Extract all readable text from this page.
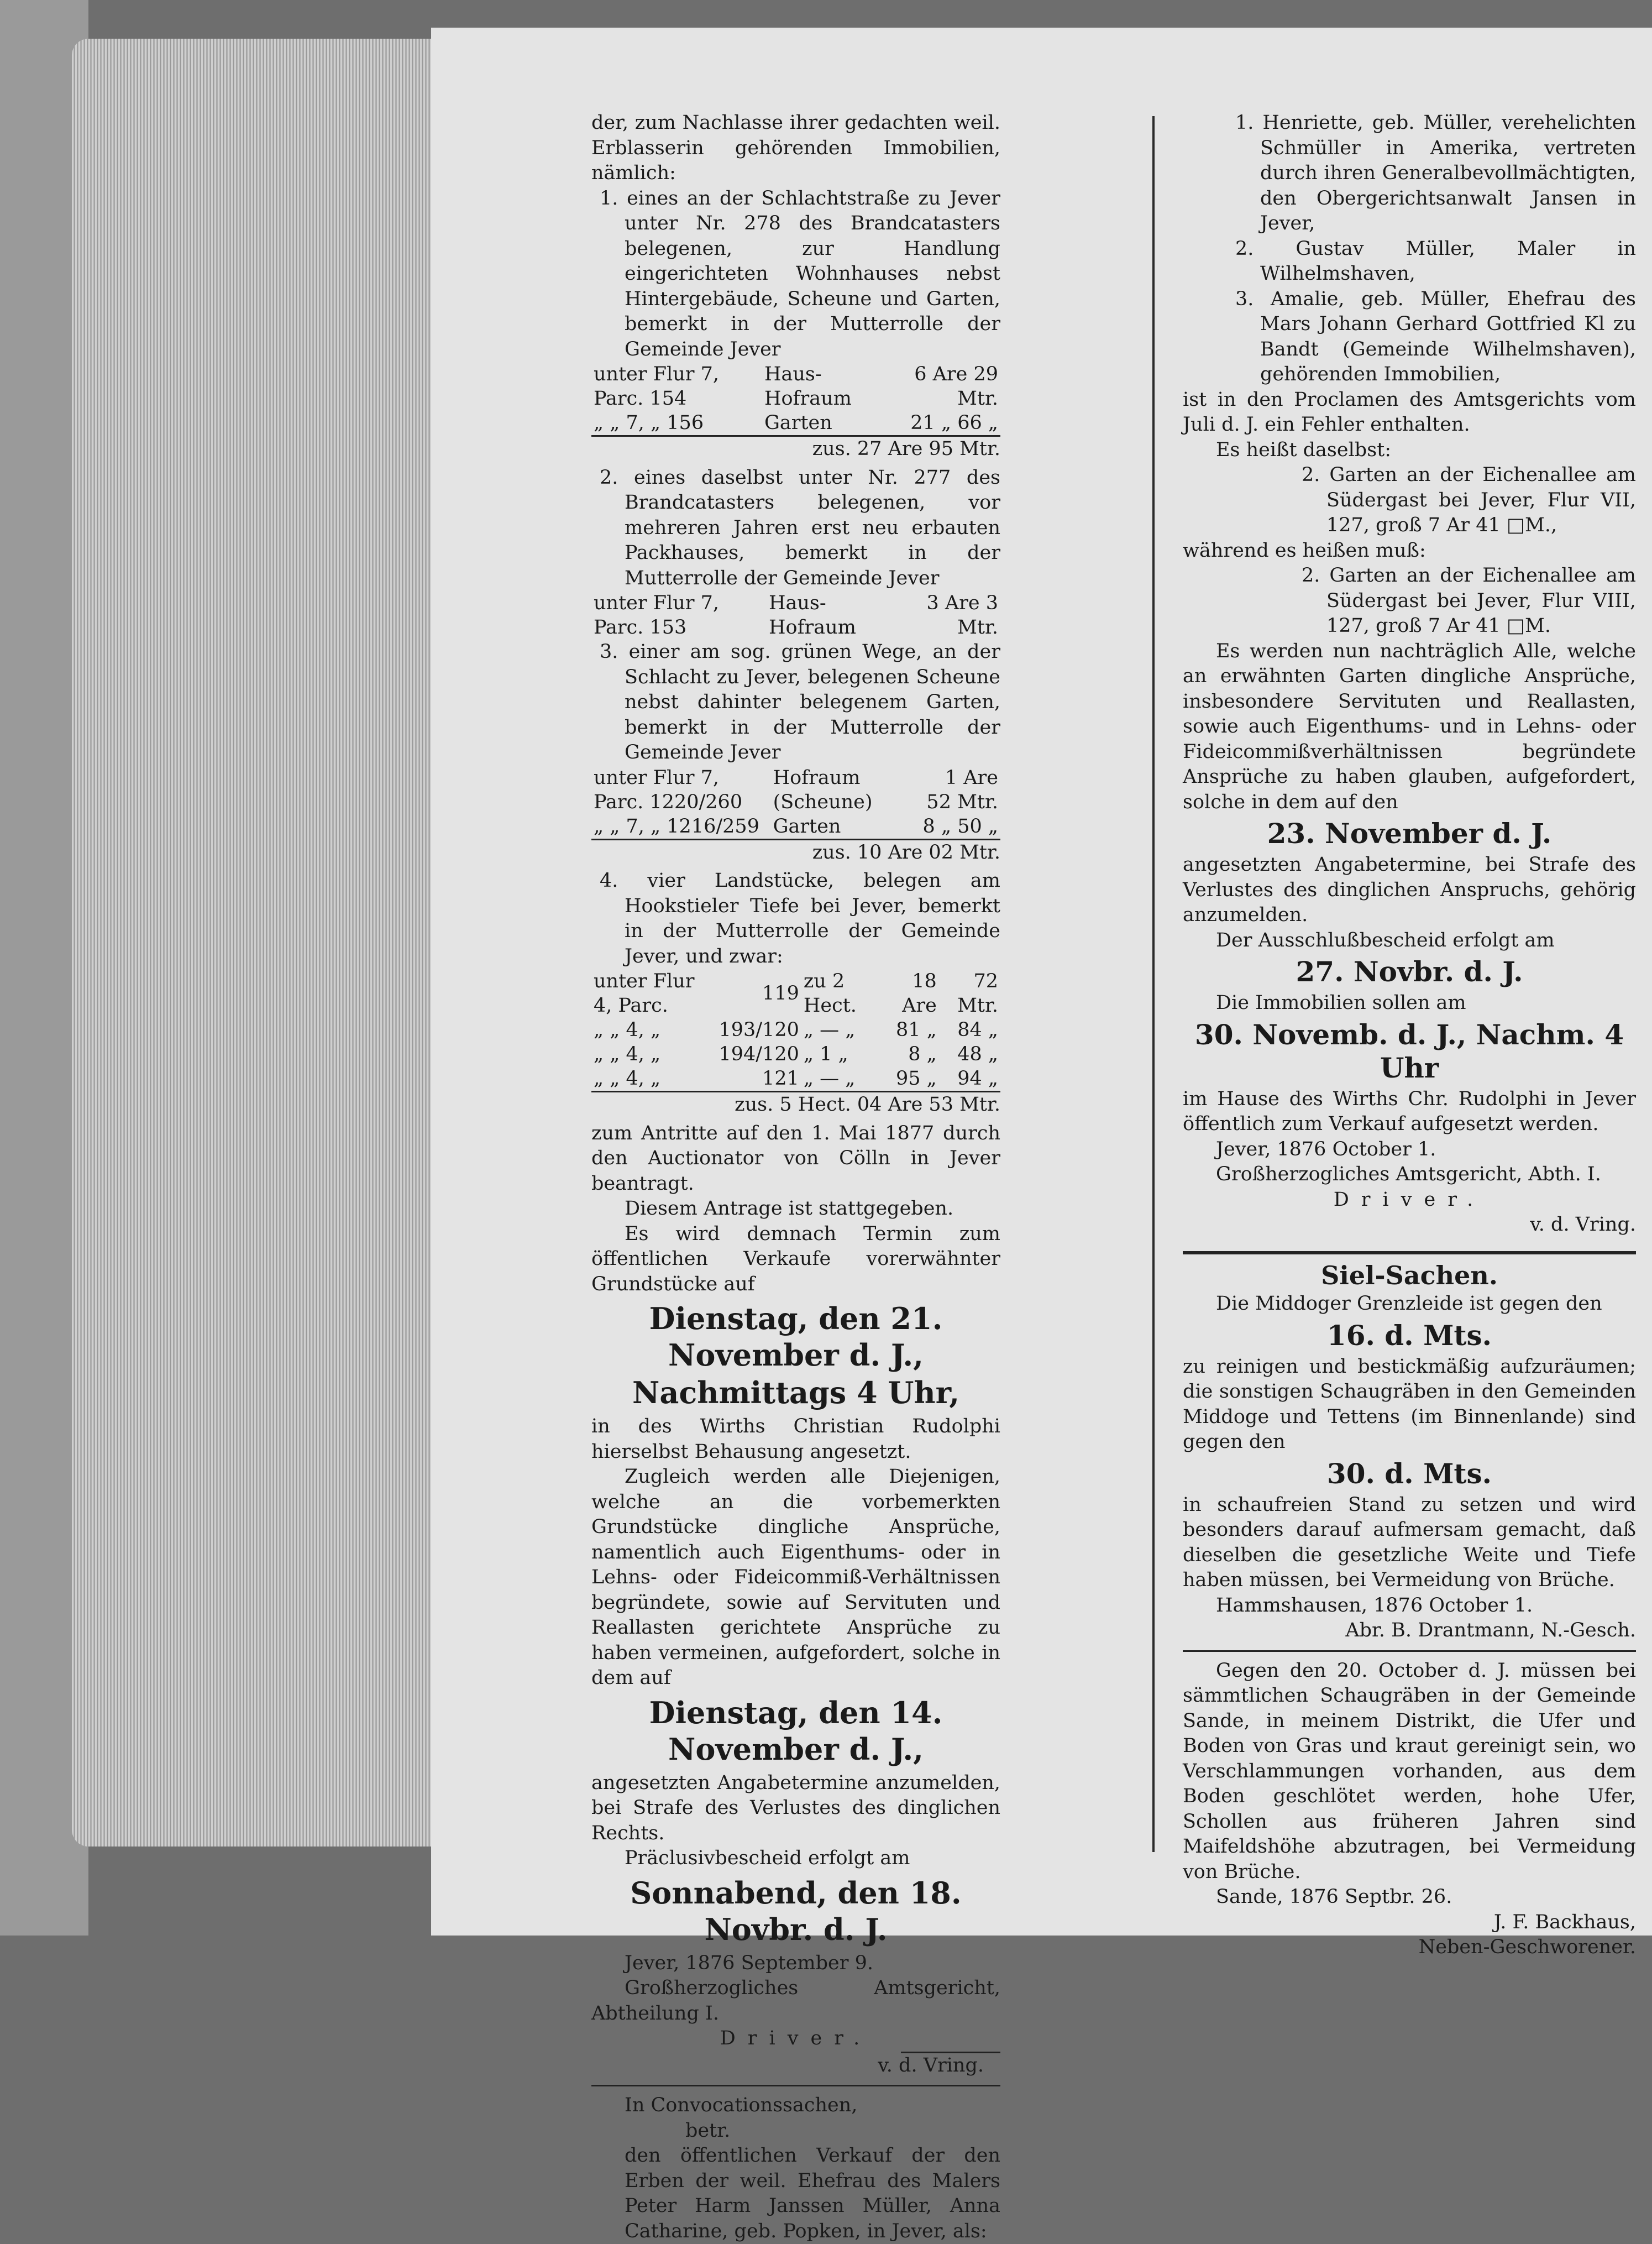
der, zum Nachlasse ihrer gedachten weil. Erblasserin gehörenden Immobilien, nämlich:

1. eines an der Schlachtstraße zu Jever unter Nr. 278 des Brandcatasters belegenen, zur Handlung eingerichteten Wohnhauses nebst Hintergebäude, Scheune und Garten, bemerkt in der Mutterrolle der Gemeinde Jever

unter Flur 7, Parc. 154	Haus- Hofraum	6 Are 29 Mtr.
„ „ 7, „ 156	Garten	21 „ 66 „

zus. 27 Are 95 Mtr.

2. eines daselbst unter Nr. 277 des Brandcatasters belegenen, vor mehreren Jahren erst neu erbauten Packhauses, bemerkt in der Mutterrolle der Gemeinde Jever

unter Flur 7, Parc. 153	Haus- Hofraum	3 Are 3 Mtr.

3. einer am sog. grünen Wege, an der Schlacht zu Jever, belegenen Scheune nebst dahinter belegenem Garten, bemerkt in der Mutterrolle der Gemeinde Jever

unter Flur 7, Parc. 1220/260	Hofraum (Scheune)	1 Are 52 Mtr.
„ „ 7, „ 1216/259	Garten	8 „ 50 „

zus. 10 Are 02 Mtr.

4. vier Landstücke, belegen am Hookstieler Tiefe bei Jever, bemerkt in der Mutterrolle der Gemeinde Jever, und zwar:

unter Flur 4, Parc.	119	zu 2 Hect.	18 Are	72 Mtr.
„ „ 4, „	193/120	„ — „	81 „	84 „
„ „ 4, „	194/120	„ 1 „	8 „	48 „
„ „ 4, „	121	„ — „	95 „	94 „

zus. 5 Hect. 04 Are 53 Mtr.

zum Antritte auf den 1. Mai 1877 durch den Auctionator von Cölln in Jever beantragt.

Diesem Antrage ist stattgegeben.

Es wird demnach Termin zum öffentlichen Verkaufe vorerwähnter Grundstücke auf

Dienstag, den 21. November d. J.,

Nachmittags 4 Uhr,

in des Wirths Christian Rudolphi hierselbst Behausung angesetzt.

Zugleich werden alle Diejenigen, welche an die vorbemerkten Grundstücke dingliche Ansprüche, namentlich auch Eigenthums- oder in Lehns- oder Fideicommiß-Verhältnissen begründete, sowie auf Servituten und Reallasten gerichtete Ansprüche zu haben vermeinen, aufgefordert, solche in dem auf

Dienstag, den 14. November d. J.,

angesetzten Angabetermine anzumelden, bei Strafe des Verlustes des dinglichen Rechts.

Präclusivbescheid erfolgt am

Sonnabend, den 18. Novbr. d. J.

Jever, 1876 September 9.

Großherzogliches Amtsgericht, Abtheilung I.

Driver.

v. d. Vring.

In Convocationssachen,

betr.

den öffentlichen Verkauf der den Erben der weil. Ehefrau des Malers Peter Harm Janssen Müller, Anna Catharine, geb. Popken, in Jever, als:

1. Henriette, geb. Müller, verehelichten Schmüller in Amerika, vertreten durch ihren Generalbevollmächtigten, den Obergerichtsanwalt Jansen in Jever,

2. Gustav Müller, Maler in Wilhelmshaven,

3. Amalie, geb. Müller, Ehefrau des Mars Johann Gerhard Gottfried Kl zu Bandt (Gemeinde Wilhelmshaven), gehörenden Immobilien,

ist in den Proclamen des Amtsgerichts vom Juli d. J. ein Fehler enthalten.

Es heißt daselbst:

2. Garten an der Eichenallee am Südergast bei Jever, Flur VII, 127, groß 7 Ar 41 □M.,

während es heißen muß:

2. Garten an der Eichenallee am Südergast bei Jever, Flur VIII, 127, groß 7 Ar 41 □M.

Es werden nun nachträglich Alle, welche an erwähnten Garten dingliche Ansprüche, insbesondere Servituten und Reallasten, sowie auch Eigenthums- und in Lehns- oder Fideicommißverhältnissen begründete Ansprüche zu haben glauben, aufgefordert, solche in dem auf den

23. November d. J.

angesetzten Angabetermine, bei Strafe des Verlustes des dinglichen Anspruchs, gehörig anzumelden.

Der Ausschlußbescheid erfolgt am

27. Novbr. d. J.

Die Immobilien sollen am

30. Novemb. d. J., Nachm. 4 Uhr

im Hause des Wirths Chr. Rudolphi in Jever öffentlich zum Verkauf aufgesetzt werden.

Jever, 1876 October 1.

Großherzogliches Amtsgericht, Abth. I.

Driver.

v. d. Vring.

Siel-Sachen.

Die Middoger Grenzleide ist gegen den

16. d. Mts.

zu reinigen und bestickmäßig aufzuräumen; die sonstigen Schaugräben in den Gemeinden Middoge und Tettens (im Binnenlande) sind gegen den

30. d. Mts.

in schaufreien Stand zu setzen und wird besonders darauf aufmersam gemacht, daß dieselben die gesetzliche Weite und Tiefe haben müssen, bei Vermeidung von Brüche.

Hammshausen, 1876 October 1.

Abr. B. Drantmann, N.-Gesch.

Gegen den 20. October d. J. müssen bei sämmtlichen Schaugräben in der Gemeinde Sande, in meinem Distrikt, die Ufer und Boden von Gras und kraut gereinigt sein, wo Verschlammungen vorhanden, aus dem Boden geschlötet werden, hohe Ufer, Schollen aus früheren Jahren sind Maifeldshöhe abzutragen, bei Vermeidung von Brüche.

Sande, 1876 Septbr. 26.

J. F. Backhaus,

Neben-Geschworener.
